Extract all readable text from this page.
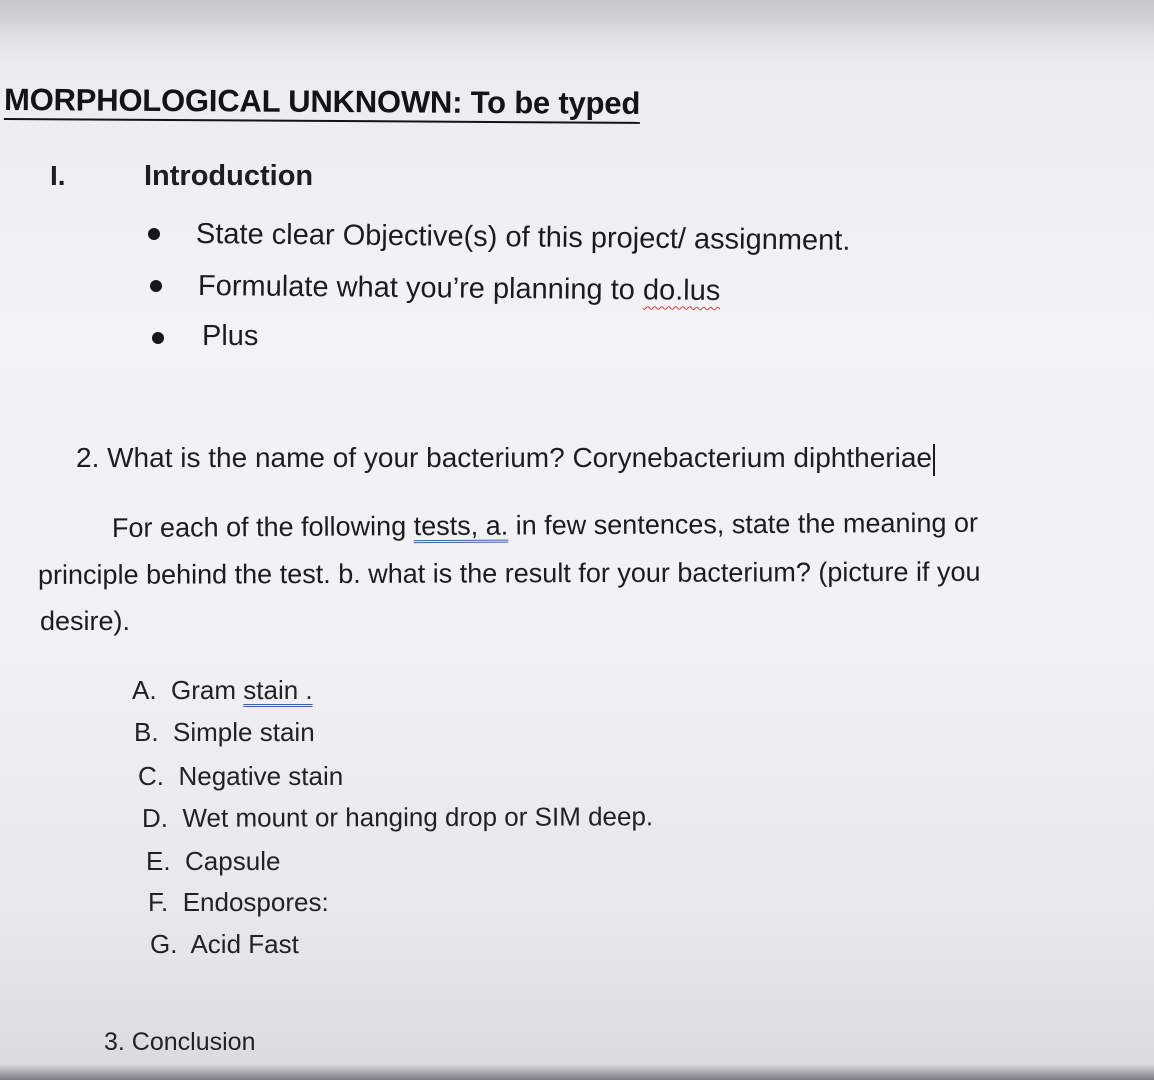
MORPHOLOGICAL UNKNOWN: To be typed
I.	Introduction
State clear Objective(s) of this project/ assignment.
Formulate what you’re planning to do.lus
Plus
2. What is the name of your bacterium? Corynebacterium diphtheriae
For each of the following tests, a. in few sentences, state the meaning or
principle behind the test. b. what is the result for your bacterium? (picture if you
desire).
A. Gram stain .
B. Simple stain
C. Negative stain
D. Wet mount or hanging drop or SIM deep.
E. Capsule
F. Endospores:
G. Acid Fast
3. Conclusion
